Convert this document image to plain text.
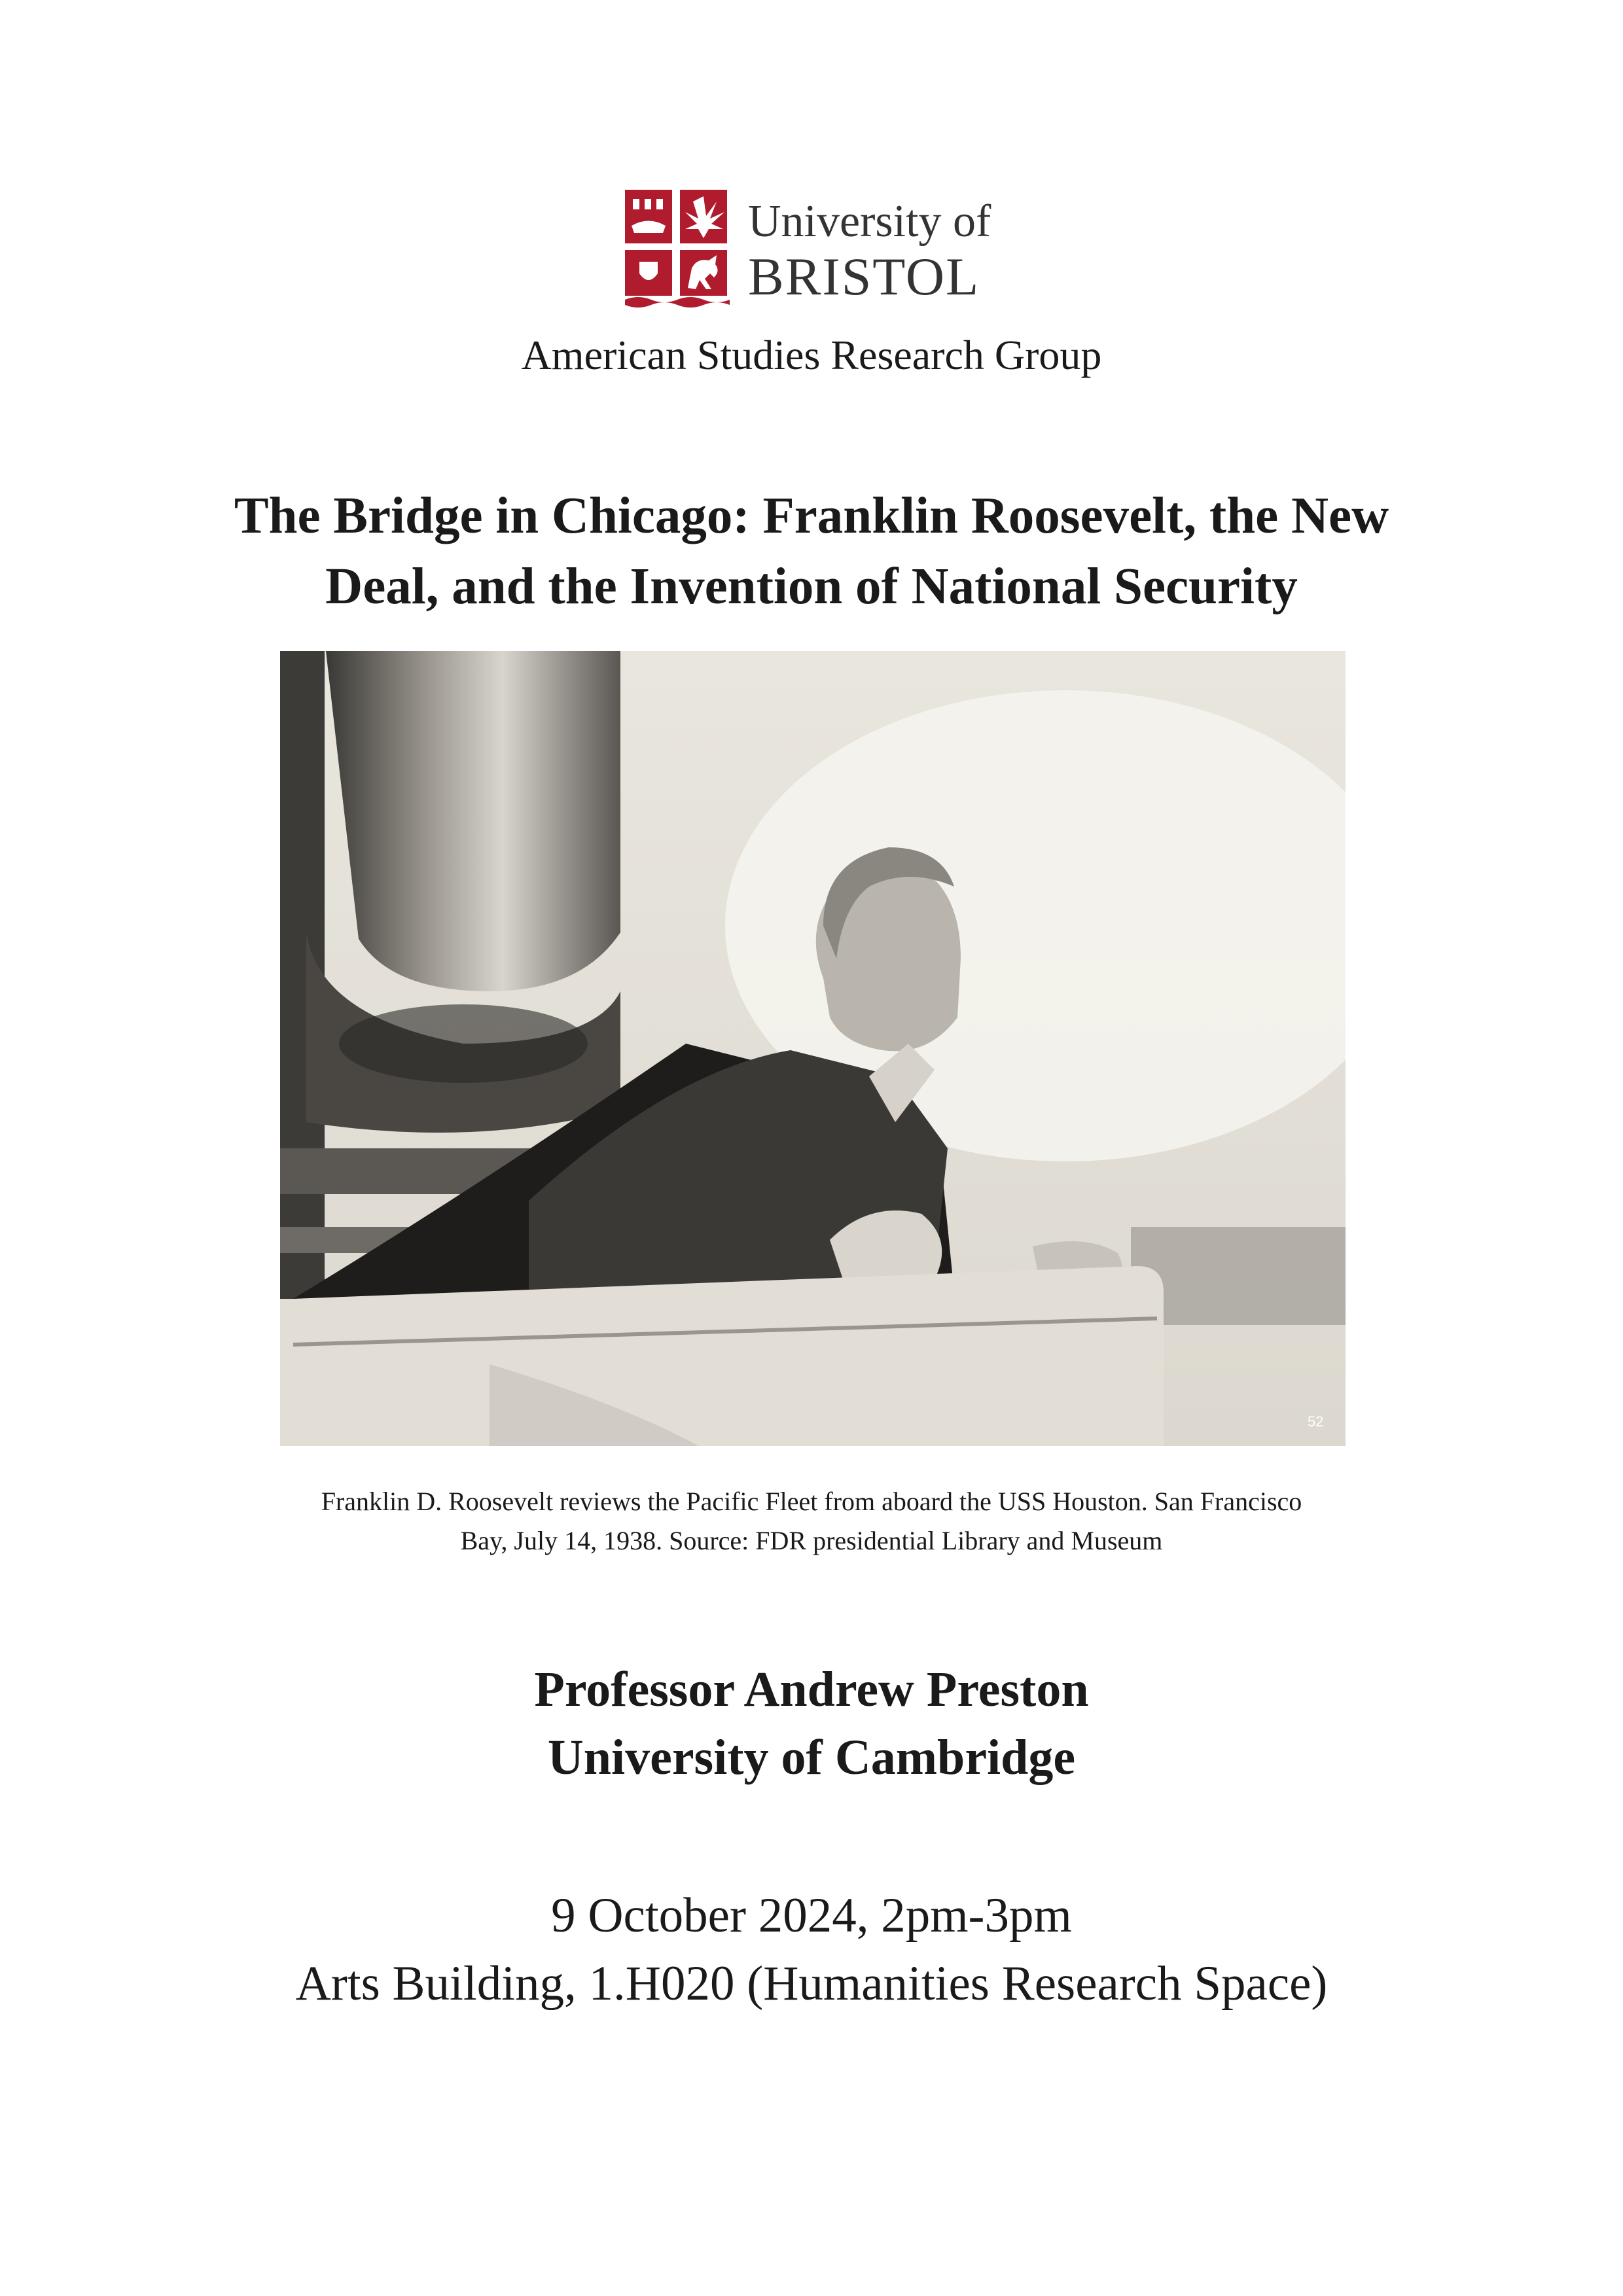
University of
BRISTOL
American Studies Research Group
The Bridge in Chicago: Franklin Roosevelt, the New
Deal, and the Invention of National Security
52
Franklin D. Roosevelt reviews the Pacific Fleet from aboard the USS Houston. San Francisco
Bay, July 14, 1938. Source: FDR presidential Library and Museum
Professor Andrew Preston
University of Cambridge
9 October 2024, 2pm-3pm
Arts Building, 1.H020 (Humanities Research Space)
